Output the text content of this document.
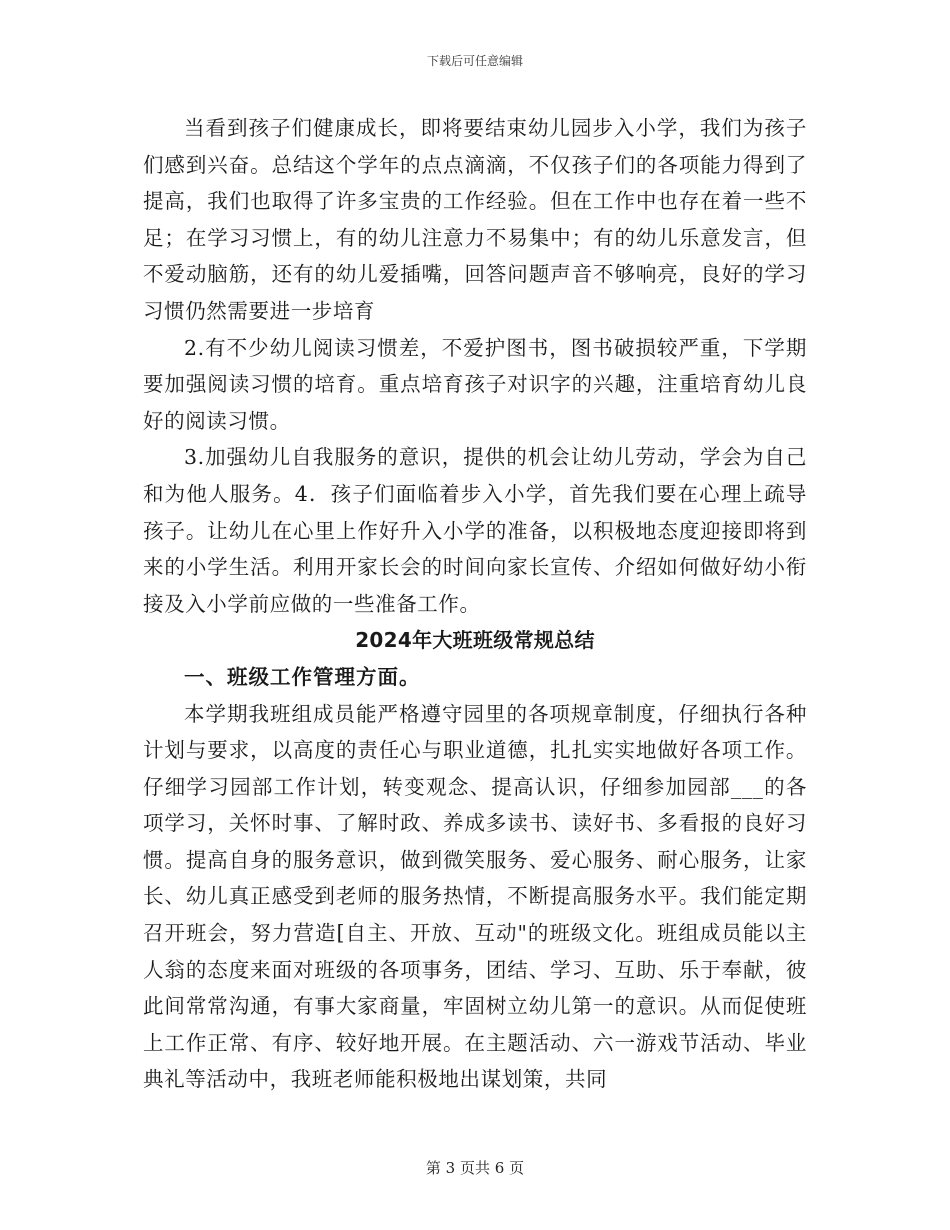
下载后可任意编辑

当看到孩子们健康成长，即将要结束幼儿园步入小学，我们为孩子们感到兴奋。总结这个学年的点点滴滴，不仅孩子们的各项能力得到了提高，我们也取得了许多宝贵的工作经验。但在工作中也存在着一些不足；在学习习惯上，有的幼儿注意力不易集中；有的幼儿乐意发言，但不爱动脑筋，还有的幼儿爱插嘴，回答问题声音不够响亮，良好的学习习惯仍然需要进一步培育

2.有不少幼儿阅读习惯差，不爱护图书，图书破损较严重，下学期要加强阅读习惯的培育。重点培育孩子对识字的兴趣，注重培育幼儿良好的阅读习惯。

3.加强幼儿自我服务的意识，提供的机会让幼儿劳动，学会为自己和为他人服务。4．孩子们面临着步入小学，首先我们要在心理上疏导孩子。让幼儿在心里上作好升入小学的准备，以积极地态度迎接即将到来的小学生活。利用开家长会的时间向家长宣传、介绍如何做好幼小衔接及入小学前应做的一些准备工作。

2024年大班班级常规总结

一、班级工作管理方面。

本学期我班组成员能严格遵守园里的各项规章制度，仔细执行各种计划与要求，以高度的责任心与职业道德，扎扎实实地做好各项工作。仔细学习园部工作计划，转变观念、提高认识，仔细参加园部___的各项学习，关怀时事、了解时政、养成多读书、读好书、多看报的良好习惯。提高自身的服务意识，做到微笑服务、爱心服务、耐心服务，让家长、幼儿真正感受到老师的服务热情，不断提高服务水平。我们能定期召开班会，努力营造[自主、开放、互动"的班级文化。班组成员能以主人翁的态度来面对班级的各项事务，团结、学习、互助、乐于奉献，彼此间常常沟通，有事大家商量，牢固树立幼儿第一的意识。从而促使班上工作正常、有序、较好地开展。在主题活动、六一游戏节活动、毕业典礼等活动中，我班老师能积极地出谋划策，共同

第 3 页共 6 页
